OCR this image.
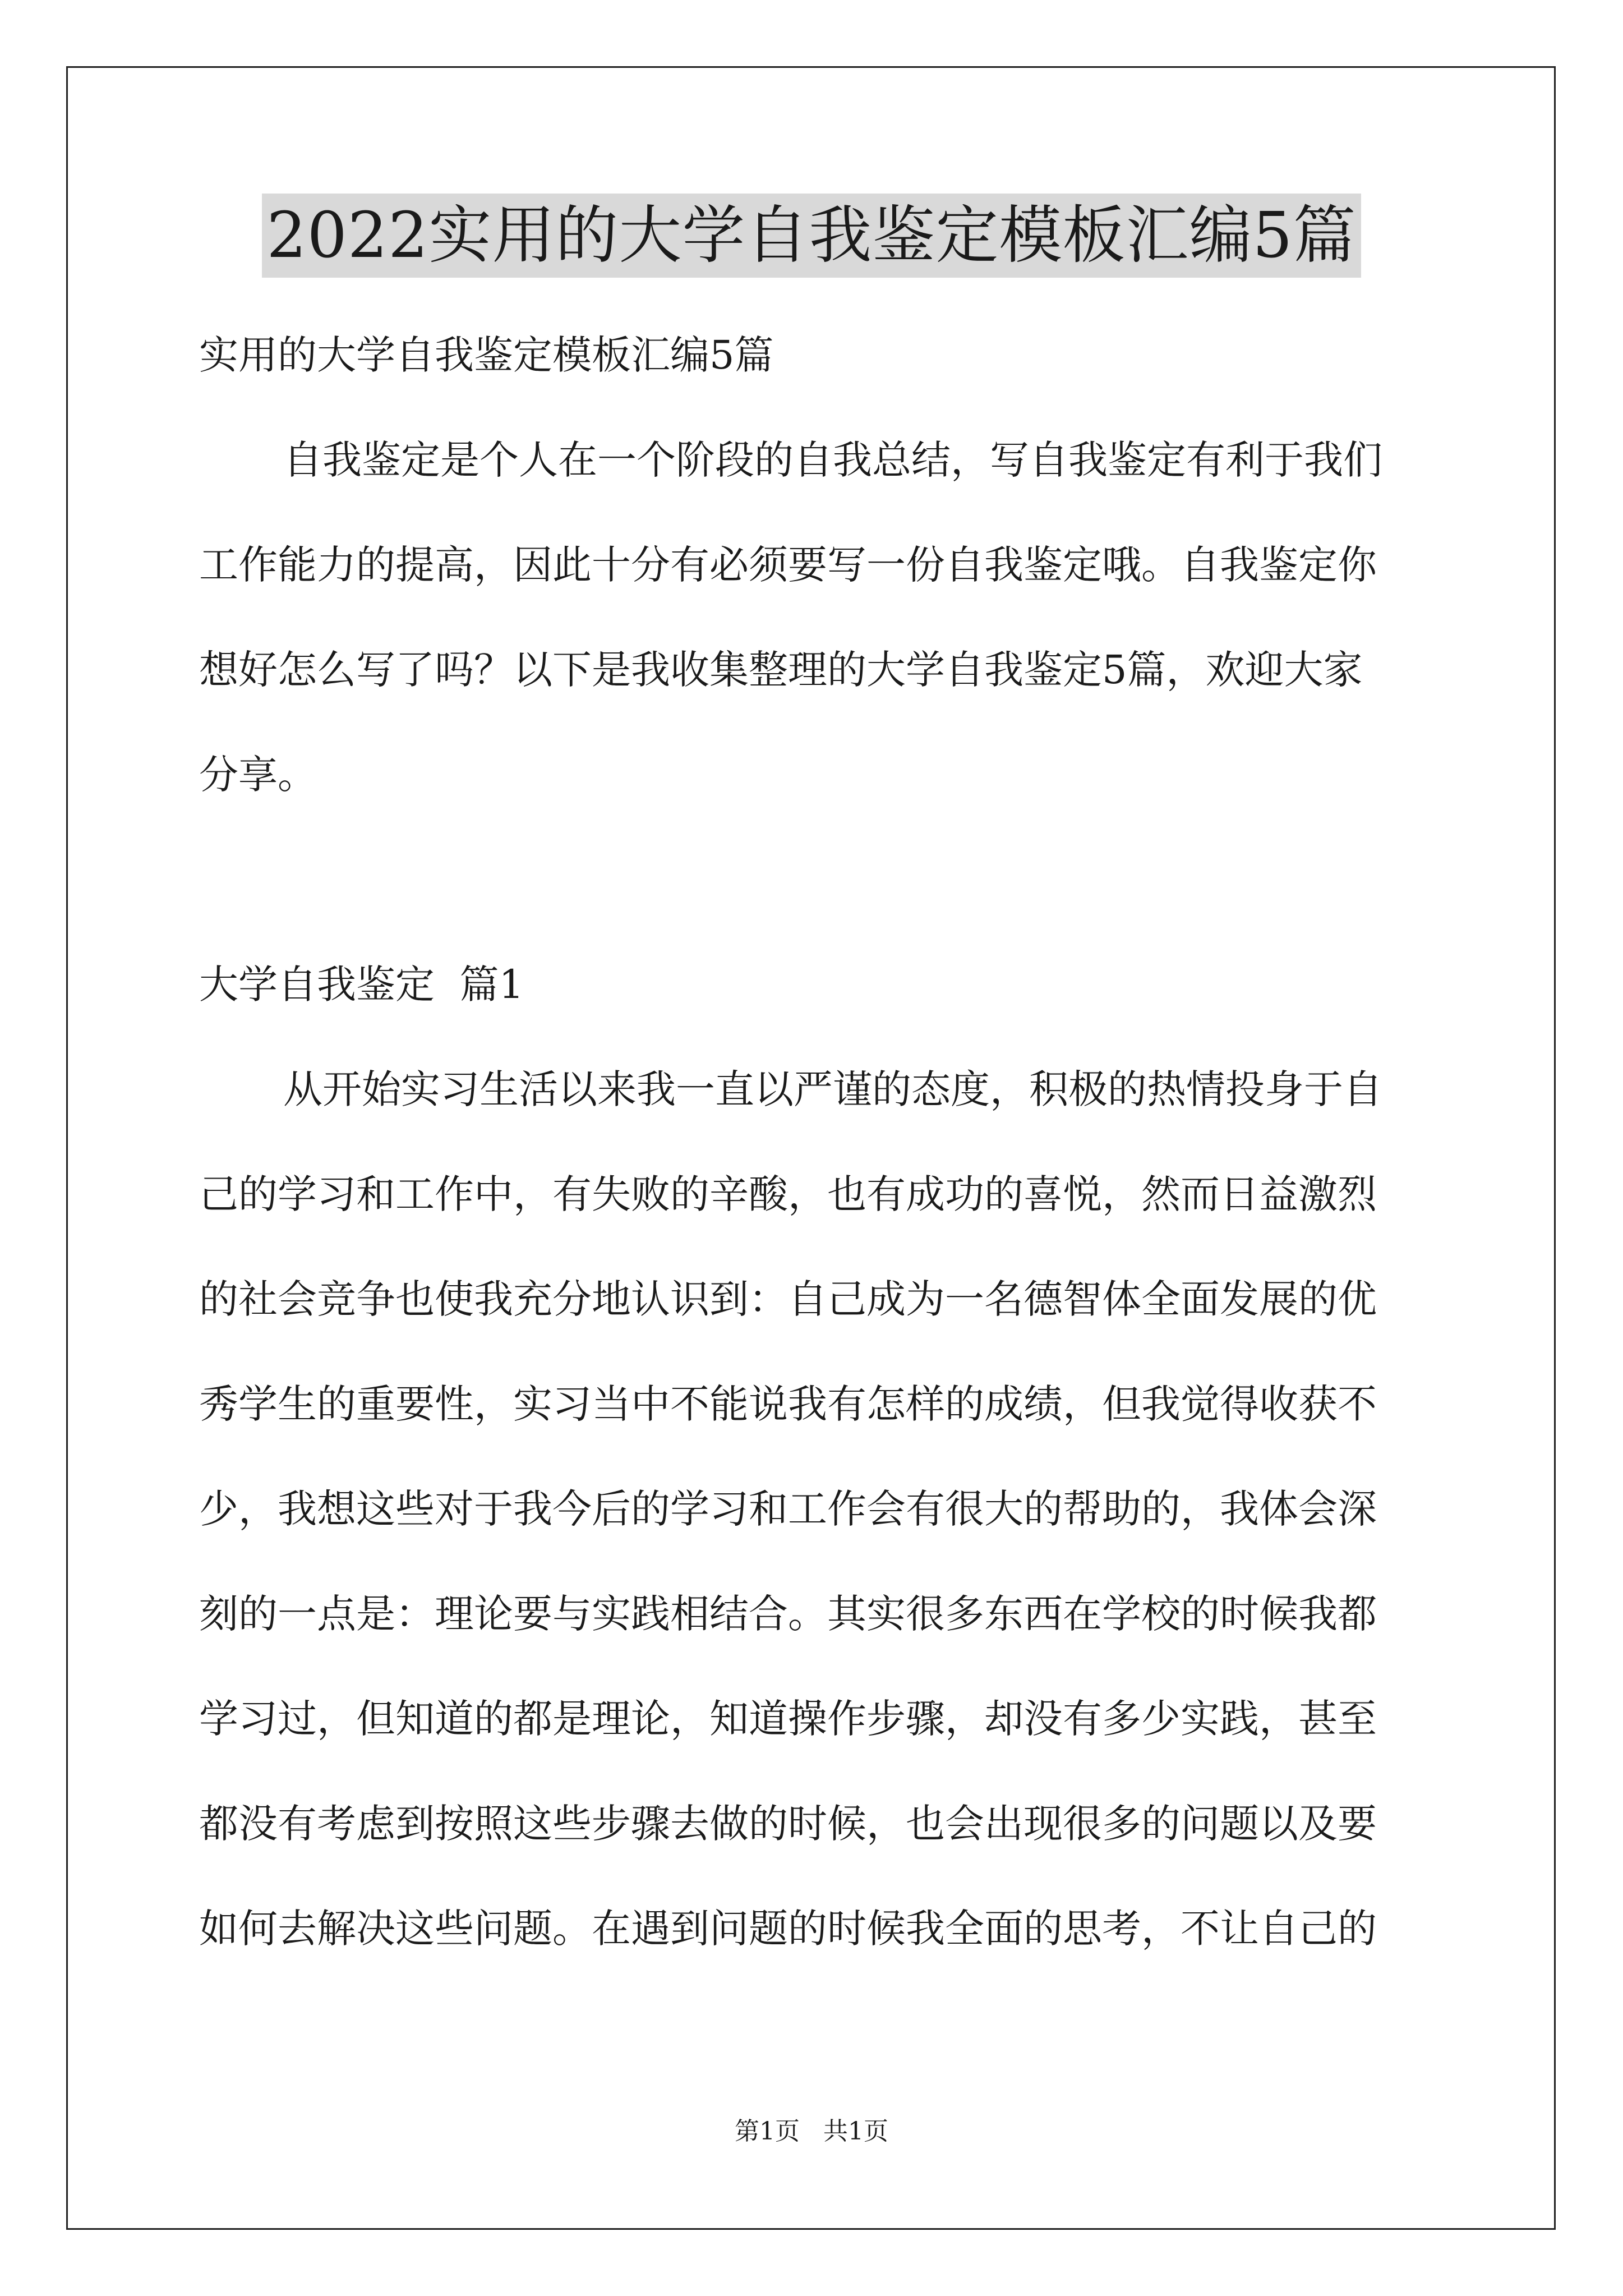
2022实用的大学自我鉴定模板汇编5篇

实用的大学自我鉴定模板汇编5篇

自我鉴定是个人在一个阶段的自我总结，写自我鉴定有利于我们

工作能力的提高，因此十分有必须要写一份自我鉴定哦。自我鉴定你

想好怎么写了吗？以下是我收集整理的大学自我鉴定5篇，欢迎大家

分享。

大学自我鉴定  篇1

从开始实习生活以来我一直以严谨的态度，积极的热情投身于自

己的学习和工作中，有失败的辛酸，也有成功的喜悦，然而日益激烈

的社会竞争也使我充分地认识到：自己成为一名德智体全面发展的优

秀学生的重要性，实习当中不能说我有怎样的成绩，但我觉得收获不

少，我想这些对于我今后的学习和工作会有很大的帮助的，我体会深

刻的一点是：理论要与实践相结合。其实很多东西在学校的时候我都

学习过，但知道的都是理论，知道操作步骤，却没有多少实践，甚至

都没有考虑到按照这些步骤去做的时候，也会出现很多的问题以及要

如何去解决这些问题。在遇到问题的时候我全面的思考，不让自己的

第1页   共1页
